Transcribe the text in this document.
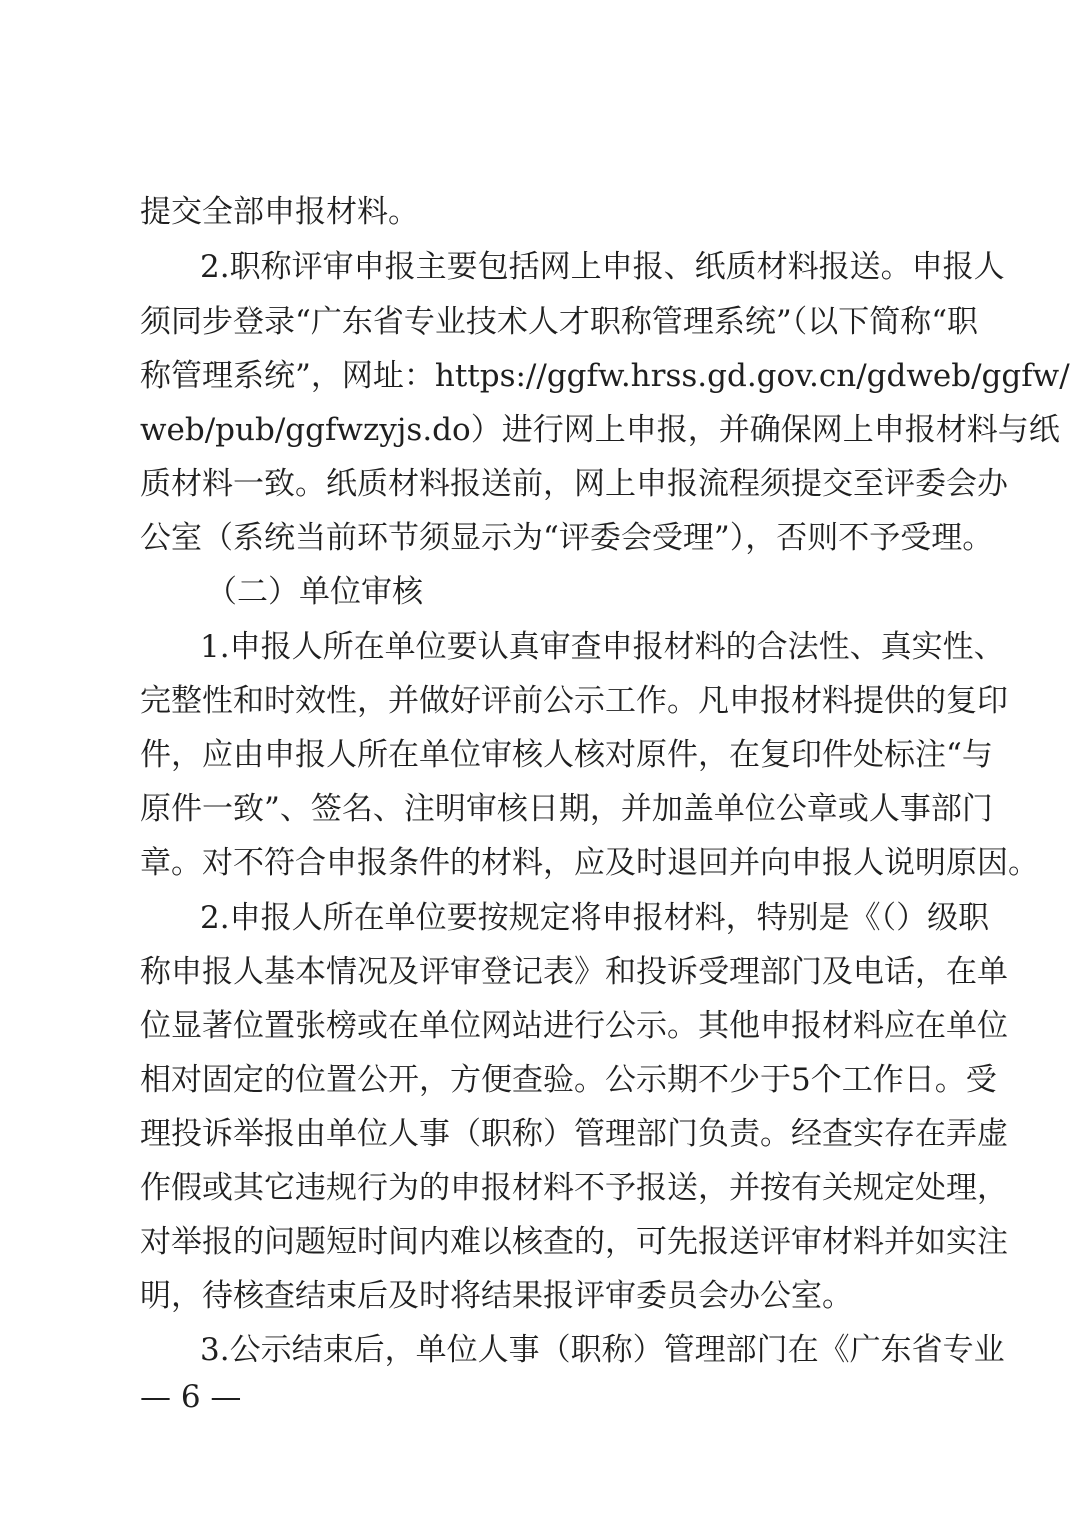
提交全部申报材料。
2.职称评审申报主要包括网上申报、纸质材料报送。申报人
须同步登录“广东省专业技术人才职称管理系统”（以下简称“职
称管理系统”，网址：https://ggfw.hrss.gd.gov.cn/gdweb/ggfw/
web/pub/ggfwzyjs.do）进行网上申报，并确保网上申报材料与纸
质材料一致。纸质材料报送前，网上申报流程须提交至评委会办
公室（系统当前环节须显示为“评委会受理”），否则不予受理。
（二）单位审核
1.申报人所在单位要认真审查申报材料的合法性、真实性、
完整性和时效性，并做好评前公示工作。凡申报材料提供的复印
件，应由申报人所在单位审核人核对原件，在复印件处标注“与
原件一致”、签名、注明审核日期，并加盖单位公章或人事部门
章。对不符合申报条件的材料，应及时退回并向申报人说明原因。
2.申报人所在单位要按规定将申报材料，特别是《（）级职
称申报人基本情况及评审登记表》和投诉受理部门及电话，在单
位显著位置张榜或在单位网站进行公示。其他申报材料应在单位
相对固定的位置公开，方便查验。公示期不少于5个工作日。受
理投诉举报由单位人事（职称）管理部门负责。经查实存在弄虚
作假或其它违规行为的申报材料不予报送，并按有关规定处理，
对举报的问题短时间内难以核查的，可先报送评审材料并如实注
明，待核查结束后及时将结果报评审委员会办公室。
3.公示结束后，单位人事（职称）管理部门在《广东省专业
— 6 —
